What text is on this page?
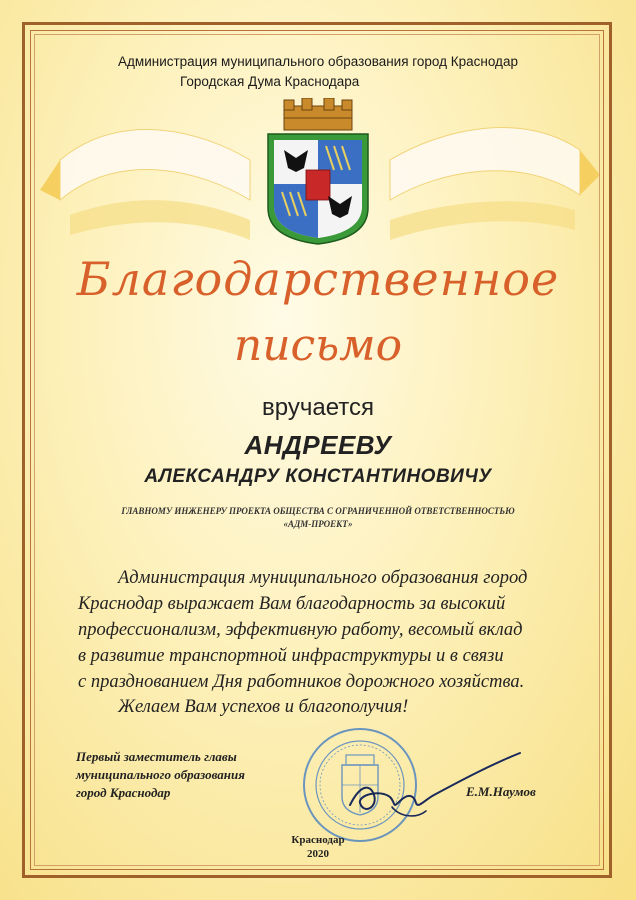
Администрация муниципального образования город Краснодар
Городская Дума Краснодара
Благодарственное
письмо
вручается
АНДРЕЕВУ
АЛЕКСАНДРУ КОНСТАНТИНОВИЧУ
ГЛАВНОМУ ИНЖЕНЕРУ ПРОЕКТА ОБЩЕСТВА С ОГРАНИЧЕННОЙ ОТВЕТСТВЕННОСТЬЮ
«АДМ-ПРОЕКТ»
Администрация муниципального образования город
Краснодар выражает Вам благодарность за высокий
профессионализм, эффективную работу, весомый вклад
в развитие транспортной инфраструктуры и в связи
с празднованием Дня работников дорожного хозяйства.
Желаем Вам успехов и благополучия!
Первый заместитель главы
муниципального образования
город Краснодар	Е.М.Наумов
Краснодар
2020
